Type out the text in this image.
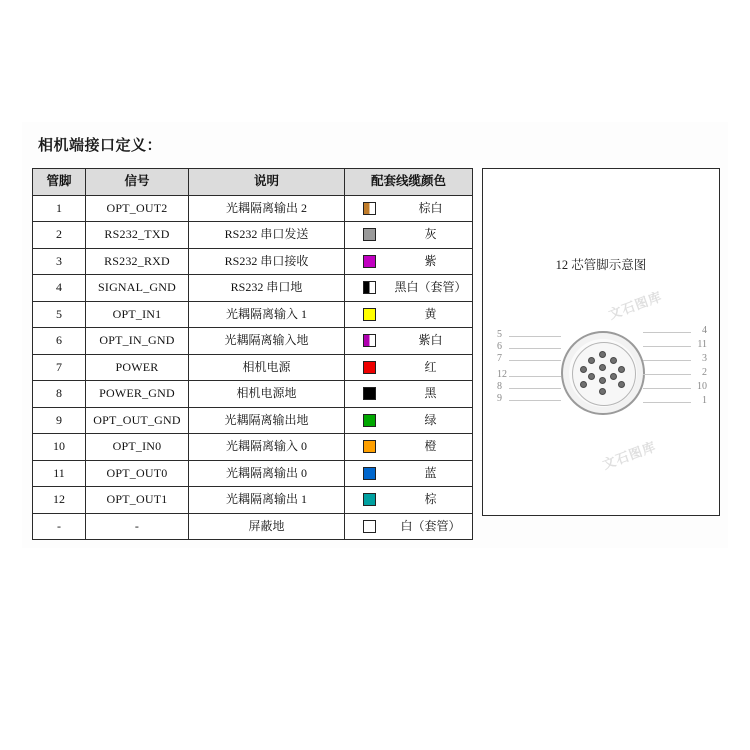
相机端接口定义：
管脚	信号	说明	配套线缆颜色
1	OPT_OUT2	光耦隔离输出 2	棕白

2	RS232_TXD	RS232 串口发送	灰

3	RS232_RXD	RS232 串口接收	紫

4	SIGNAL_GND	RS232 串口地	黑白（套管）

5	OPT_IN1	光耦隔离输入 1	黄

6	OPT_IN_GND	光耦隔离输入地	紫白

7	POWER	相机电源	红

8	POWER_GND	相机电源地	黑

9	OPT_OUT_GND	光耦隔离输出地	绿

10	OPT_IN0	光耦隔离输入 0	橙

11	OPT_OUT0	光耦隔离输出 0	蓝

12	OPT_OUT1	光耦隔离输出 1	棕

-	-	屏蔽地	白（套管）
12 芯管脚示意图
文石图库
文石图库
5
6
7
12
8
9
4
11
3
2
10
1
